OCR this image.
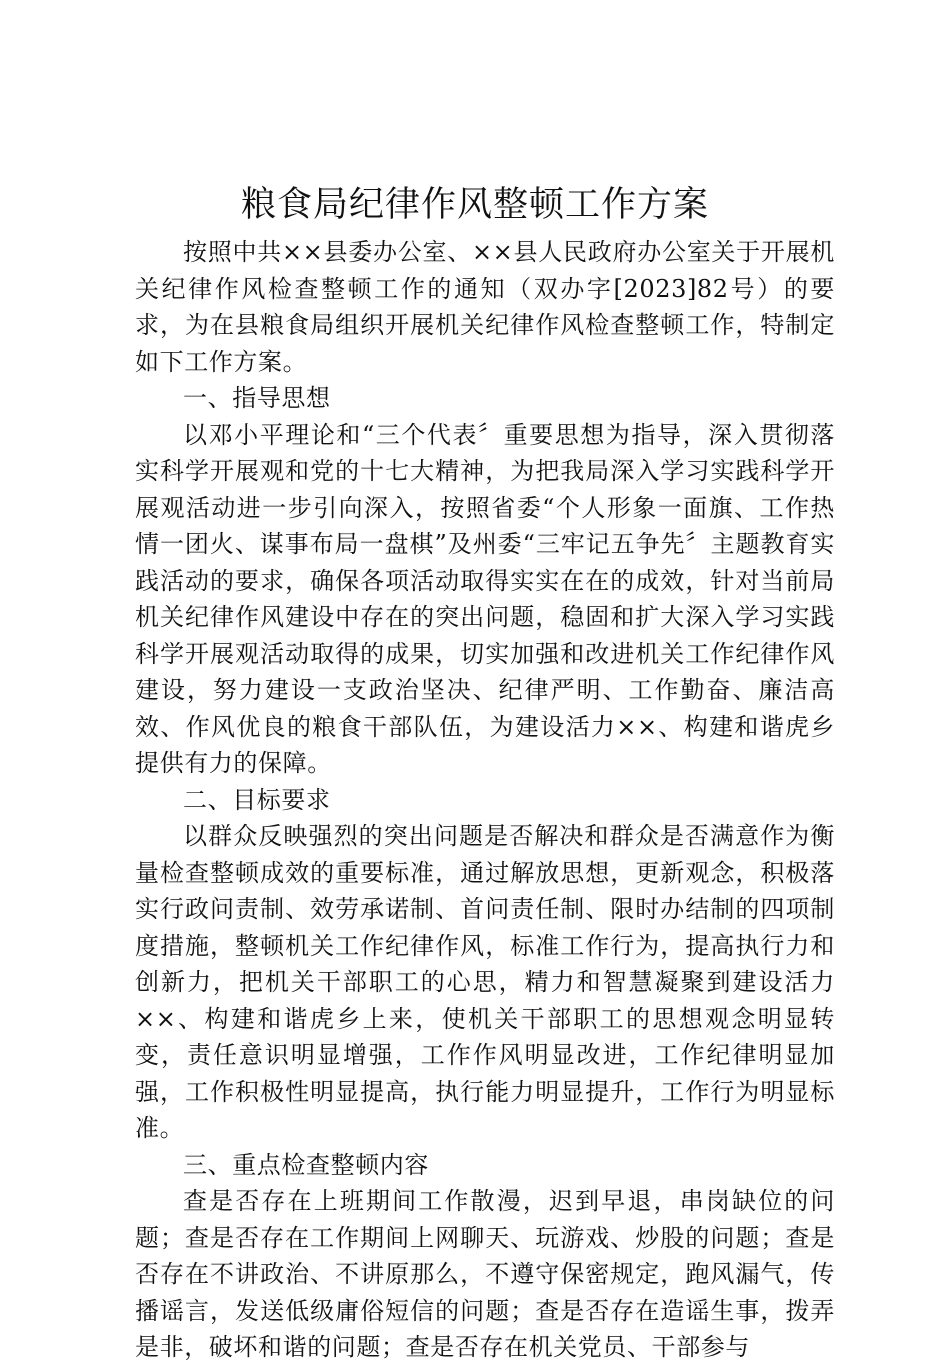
粮食局纪律作风整顿工作方案

按照中共××县委办公室、××县人民政府办公室关于开展机关纪律作风检查整顿工作的通知（双办字[2023]82号）的要求，为在县粮食局组织开展机关纪律作风检查整顿工作，特制定如下工作方案。

一、指导思想

以邓小平理论和“三个代表〞重要思想为指导，深入贯彻落实科学开展观和党的十七大精神，为把我局深入学习实践科学开展观活动进一步引向深入，按照省委“个人形象一面旗、工作热情一团火、谋事布局一盘棋”及州委“三牢记五争先〞主题教育实践活动的要求，确保各项活动取得实实在在的成效，针对当前局机关纪律作风建设中存在的突出问题，稳固和扩大深入学习实践科学开展观活动取得的成果，切实加强和改进机关工作纪律作风建设，努力建设一支政治坚决、纪律严明、工作勤奋、廉洁高效、作风优良的粮食干部队伍，为建设活力××、构建和谐虎乡提供有力的保障。

二、目标要求

以群众反映强烈的突出问题是否解决和群众是否满意作为衡量检查整顿成效的重要标准，通过解放思想，更新观念，积极落实行政问责制、效劳承诺制、首问责任制、限时办结制的四项制度措施，整顿机关工作纪律作风，标准工作行为，提高执行力和创新力，把机关干部职工的心思，精力和智慧凝聚到建设活力××、构建和谐虎乡上来，使机关干部职工的思想观念明显转变，责任意识明显增强，工作作风明显改进，工作纪律明显加强，工作积极性明显提高，执行能力明显提升，工作行为明显标准。

三、重点检查整顿内容

查是否存在上班期间工作散漫，迟到早退，串岗缺位的问题；查是否存在工作期间上网聊天、玩游戏、炒股的问题；查是否存在不讲政治、不讲原那么，不遵守保密规定，跑风漏气，传播谣言，发送低级庸俗短信的问题；查是否存在造谣生事，拨弄是非，破坏和谐的问题；查是否存在机关党员、干部参与
